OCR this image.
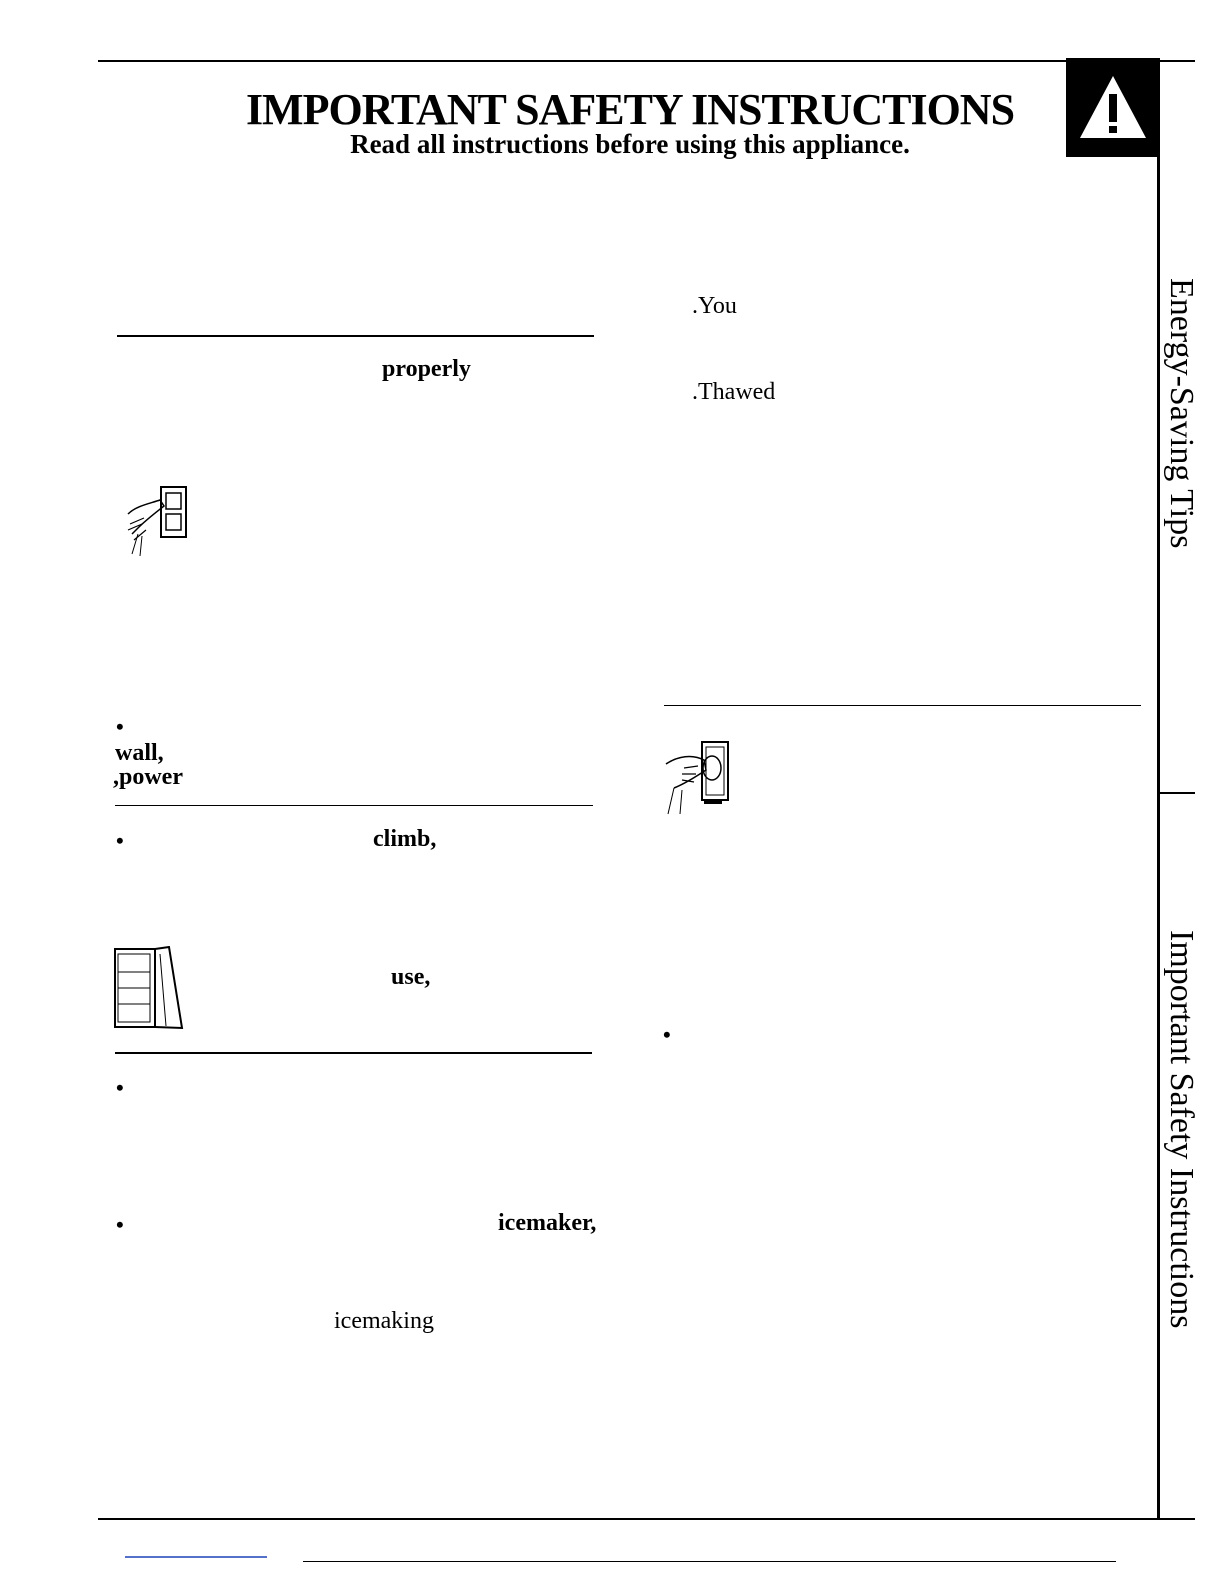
IMPORTANT SAFETY INSTRUCTIONS
Read all instructions before using this appliance.
Energy-Saving Tips
Important Safety Instructions
properly
•
wall,
,power
•	climb,
use,
•
•	icemaker,
icemaking
.You
.Thawed
•
